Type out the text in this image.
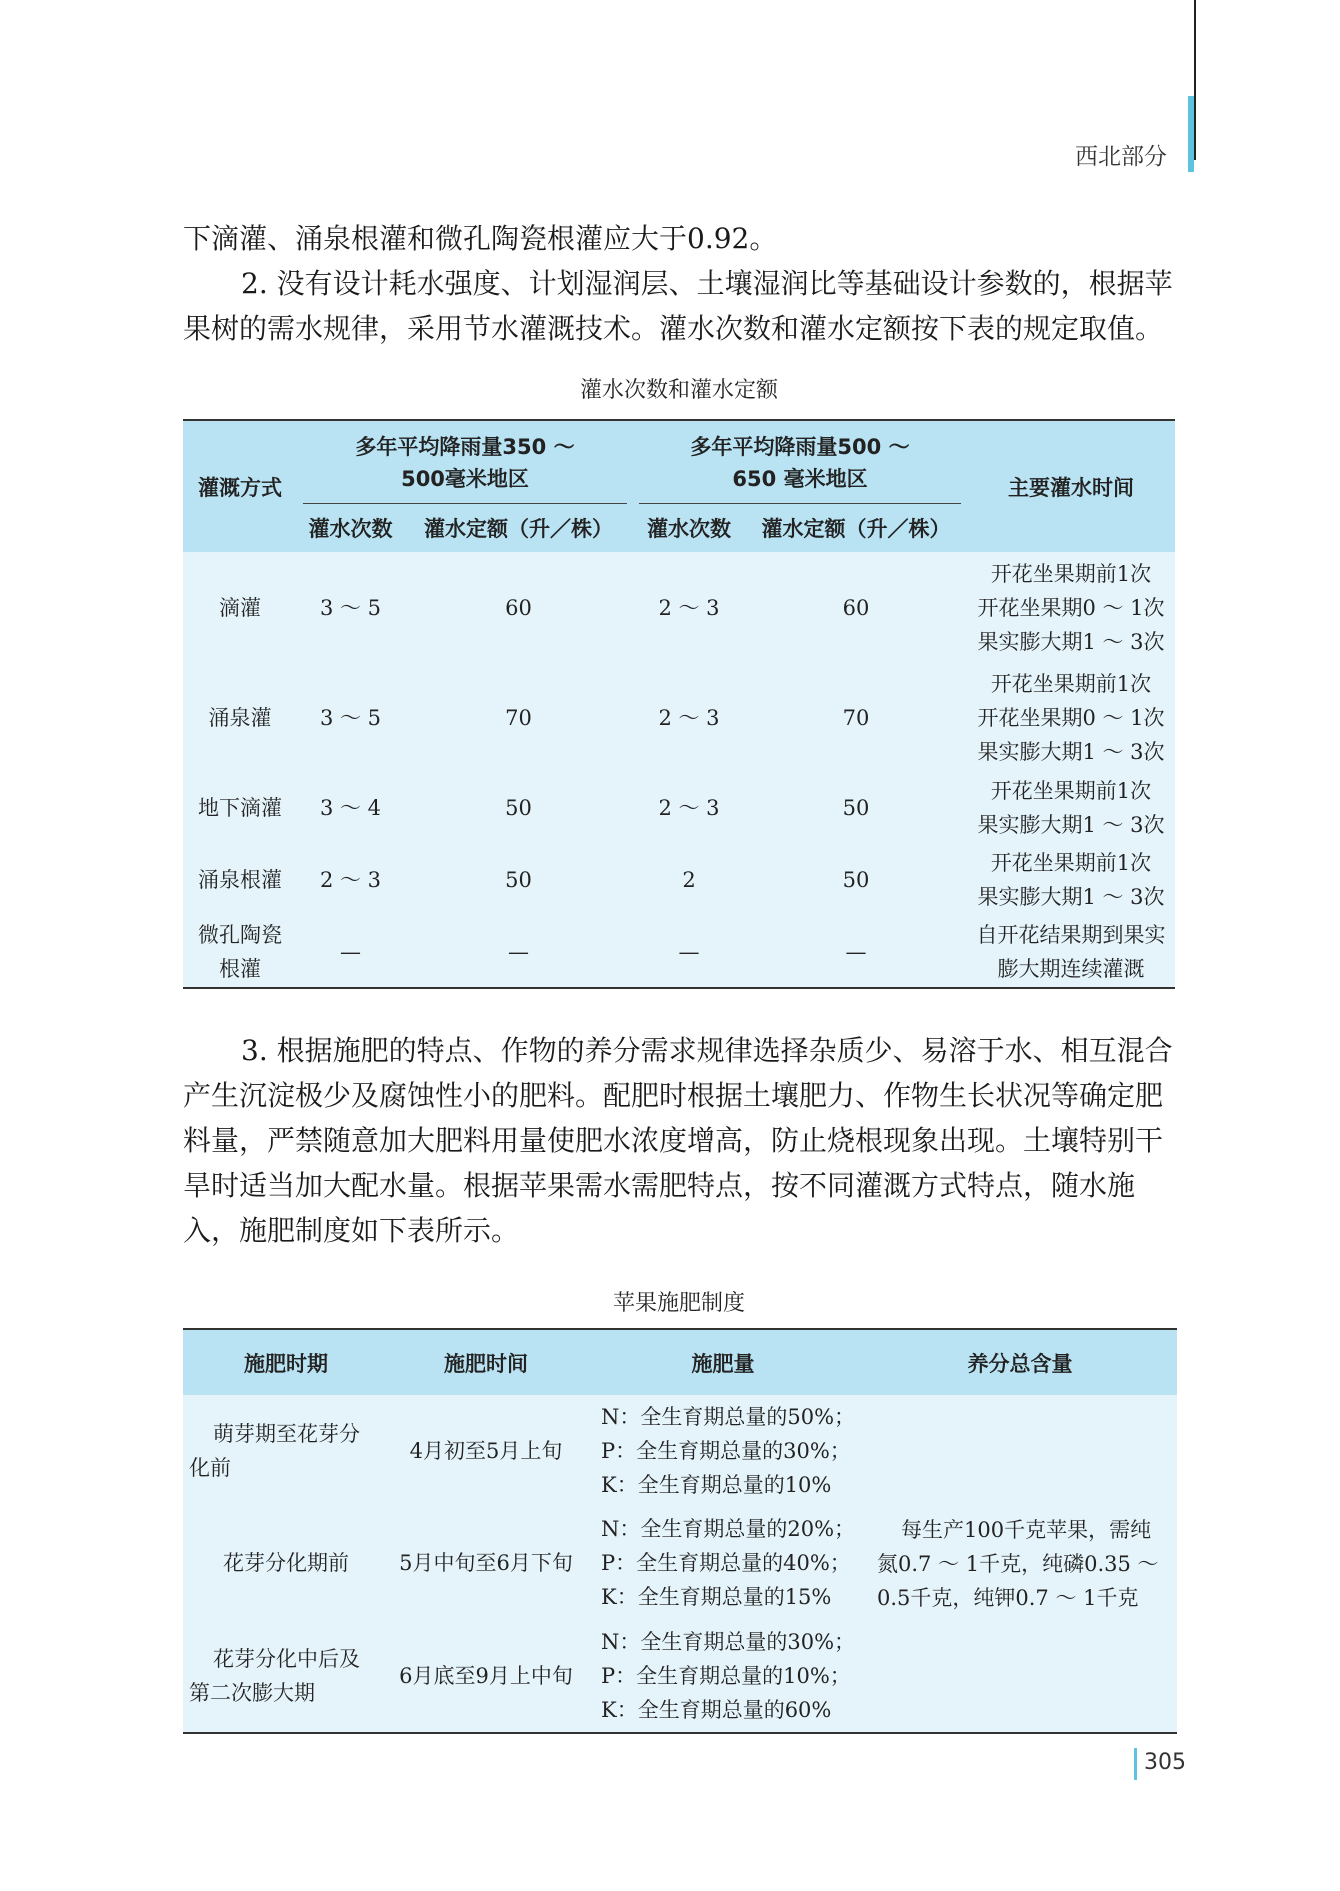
西北部分

下滴灌、涌泉根灌和微孔陶瓷根灌应大于0.92。

2. 没有设计耗水强度、计划湿润层、土壤湿润比等基础设计参数的，根据苹果树的需水规律，采用节水灌溉技术。灌水次数和灌水定额按下表的规定取值。

灌水次数和灌水定额
灌溉方式	多年平均降雨量350 ～
500毫米地区		多年平均降雨量500 ～
650 毫米地区		主要灌水时间
	灌水次数	灌水定额（升／株）	灌水次数	灌水定额（升／株）	
滴灌	3 ～ 5	60	2 ～ 3	60	开花坐果期前1次
开花坐果期0 ～ 1次
果实膨大期1 ～ 3次

涌泉灌	3 ～ 5	70	2 ～ 3	70	开花坐果期前1次
开花坐果期0 ～ 1次
果实膨大期1 ～ 3次

地下滴灌	3 ～ 4	50	2 ～ 3	50	开花坐果期前1次
果实膨大期1 ～ 3次

涌泉根灌	2 ～ 3	50	2	50	开花坐果期前1次
果实膨大期1 ～ 3次

微孔陶瓷
根灌	—	—	—	—	自开花结果期到果实
膨大期连续灌溉

3. 根据施肥的特点、作物的养分需求规律选择杂质少、易溶于水、相互混合产生沉淀极少及腐蚀性小的肥料。配肥时根据土壤肥力、作物生长状况等确定肥料量，严禁随意加大肥料用量使肥水浓度增高，防止烧根现象出现。土壤特别干旱时适当加大配水量。根据苹果需水需肥特点，按不同灌溉方式特点，随水施入，施肥制度如下表所示。

苹果施肥制度
施肥时期	施肥时间	施肥量	养分总含量

萌芽期至花芽分
化前	4月初至5月上旬	N：全生育期总量的50%；
P：全生育期总量的30%；
K：全生育期总量的10%	每生产100千克苹果，需纯
氮0.7 ～ 1千克，纯磷0.35 ～
0.5千克，纯钾0.7 ～ 1千克

花芽分化期前	5月中旬至6月下旬	N：全生育期总量的20%；
P：全生育期总量的40%；
K：全生育期总量的15%	

花芽分化中后及
第二次膨大期	6月底至9月上中旬	N：全生育期总量的30%；
P：全生育期总量的10%；
K：全生育期总量的60%	
305
